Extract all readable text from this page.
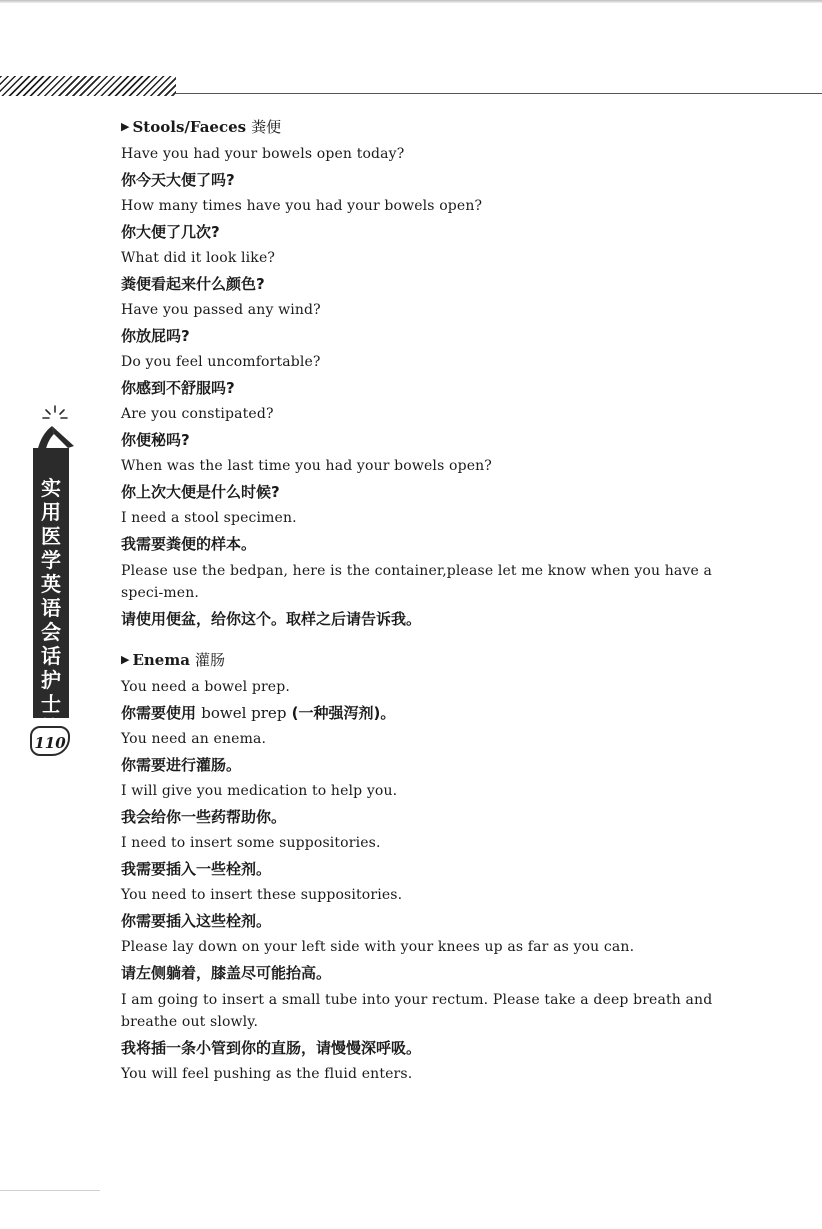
实
用
医
学
英
语
会
话
护
士
110
▶ Stools/Faeces 粪便

Have you had your bowels open today?

你今天大便了吗?

How many times have you had your bowels open?

你大便了几次?

What did it look like?

粪便看起来什么颜色?

Have you passed any wind?

你放屁吗?

Do you feel uncomfortable?

你感到不舒服吗?

Are you constipated?

你便秘吗?

When was the last time you had your bowels open?

你上次大便是什么时候?

I need a stool specimen.

我需要粪便的样本。

Please use the bedpan, here is the container,please let me know when you have a speci-men.

请使用便盆，给你这个。取样之后请告诉我。

▶ Enema 灌肠

You need a bowel prep.

你需要使用 bowel prep (一种强泻剂)。

You need an enema.

你需要进行灌肠。

I will give you medication to help you.

我会给你一些药帮助你。

I need to insert some suppositories.

我需要插入一些栓剂。

You need to insert these suppositories.

你需要插入这些栓剂。

Please lay down on your left side with your knees up as far as you can.

请左侧躺着，膝盖尽可能抬高。

I am going to insert a small tube into your rectum. Please take a deep breath and breathe out slowly.

我将插一条小管到你的直肠，请慢慢深呼吸。

You will feel pushing as the fluid enters.
